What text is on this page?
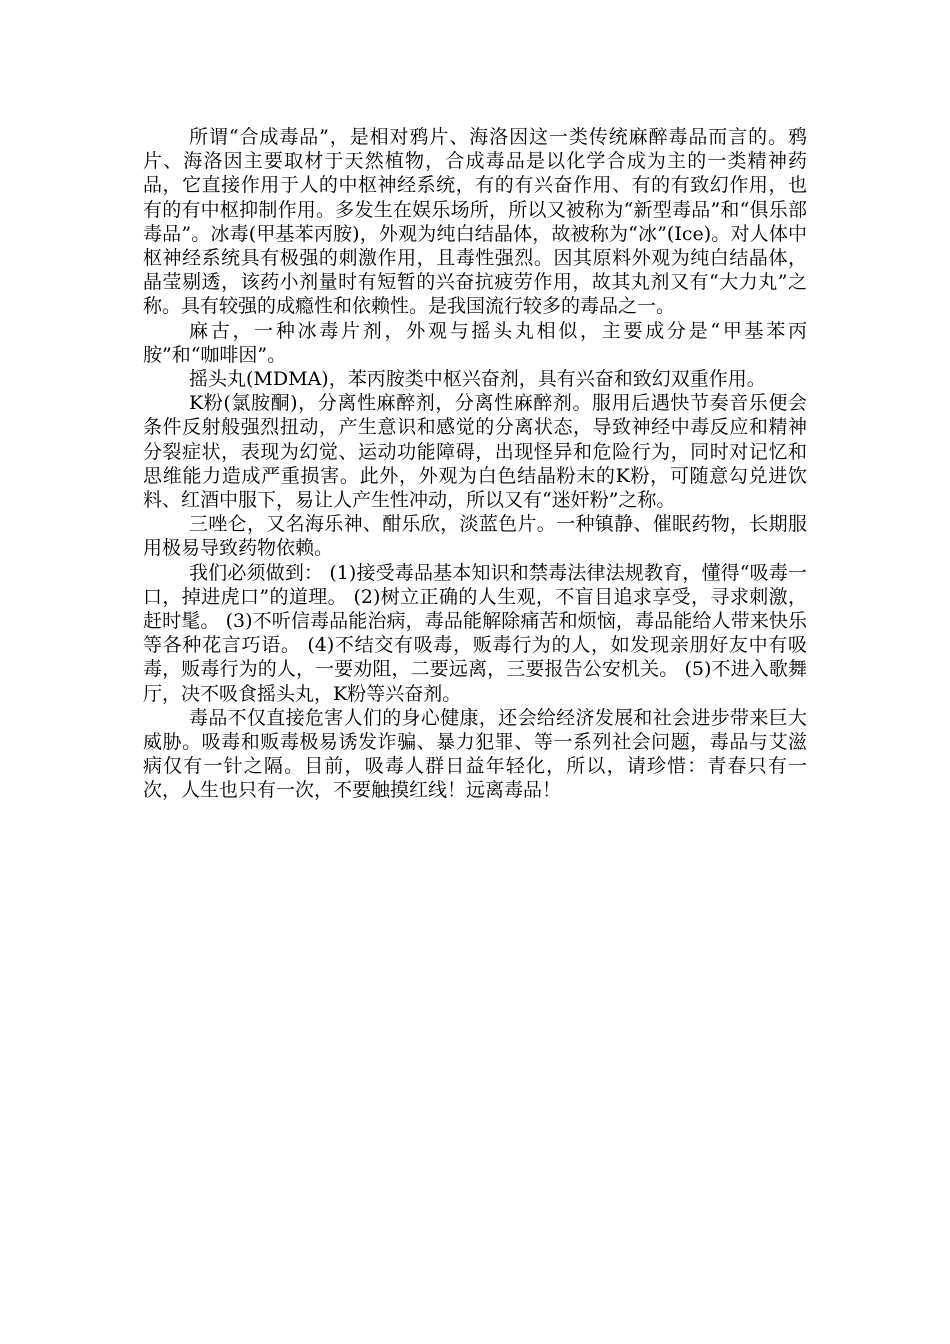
所谓“合成毒品”，是相对鸦片、海洛因这一类传统麻醉毒品而言的。鸦片、海洛因主要取材于天然植物，合成毒品是以化学合成为主的一类精神药品，它直接作用于人的中枢神经系统，有的有兴奋作用、有的有致幻作用，也有的有中枢抑制作用。多发生在娱乐场所，所以又被称为“新型毒品”和“俱乐部毒品”。冰毒(甲基苯丙胺)，外观为纯白结晶体，故被称为“冰”(Ice)。对人体中枢神经系统具有极强的刺激作用，且毒性强烈。因其原料外观为纯白结晶体，晶莹剔透，该药小剂量时有短暂的兴奋抗疲劳作用，故其丸剂又有“大力丸”之称。具有较强的成瘾性和依赖性。是我国流行较多的毒品之一。

麻古，一种冰毒片剂，外观与摇头丸相似，主要成分是“甲基苯丙胺”和“咖啡因”。

摇头丸(MDMA)，苯丙胺类中枢兴奋剂，具有兴奋和致幻双重作用。

K粉(氯胺酮)，分离性麻醉剂，分离性麻醉剂。服用后遇快节奏音乐便会条件反射般强烈扭动，产生意识和感觉的分离状态，导致神经中毒反应和精神分裂症状，表现为幻觉、运动功能障碍，出现怪异和危险行为，同时对记忆和思维能力造成严重损害。此外，外观为白色结晶粉末的K粉，可随意勾兑进饮料、红酒中服下，易让人产生性冲动，所以又有“迷奸粉”之称。

三唑仑，又名海乐神、酣乐欣，淡蓝色片。一种镇静、催眠药物，长期服用极易导致药物依赖。

我们必须做到： (1)接受毒品基本知识和禁毒法律法规教育，懂得“吸毒一口，掉进虎口”的道理。 (2)树立正确的人生观，不盲目追求享受，寻求刺激，赶时髦。 (3)不听信毒品能治病，毒品能解除痛苦和烦恼，毒品能给人带来快乐等各种花言巧语。 (4)不结交有吸毒，贩毒行为的人，如发现亲朋好友中有吸毒，贩毒行为的人，一要劝阻，二要远离，三要报告公安机关。 (5)不进入歌舞厅，决不吸食摇头丸，K粉等兴奋剂。

毒品不仅直接危害人们的身心健康，还会给经济发展和社会进步带来巨大威胁。吸毒和贩毒极易诱发诈骗、暴力犯罪、等一系列社会问题，毒品与艾滋病仅有一针之隔。目前，吸毒人群日益年轻化，所以，请珍惜：青春只有一次，人生也只有一次，不要触摸红线！远离毒品！
